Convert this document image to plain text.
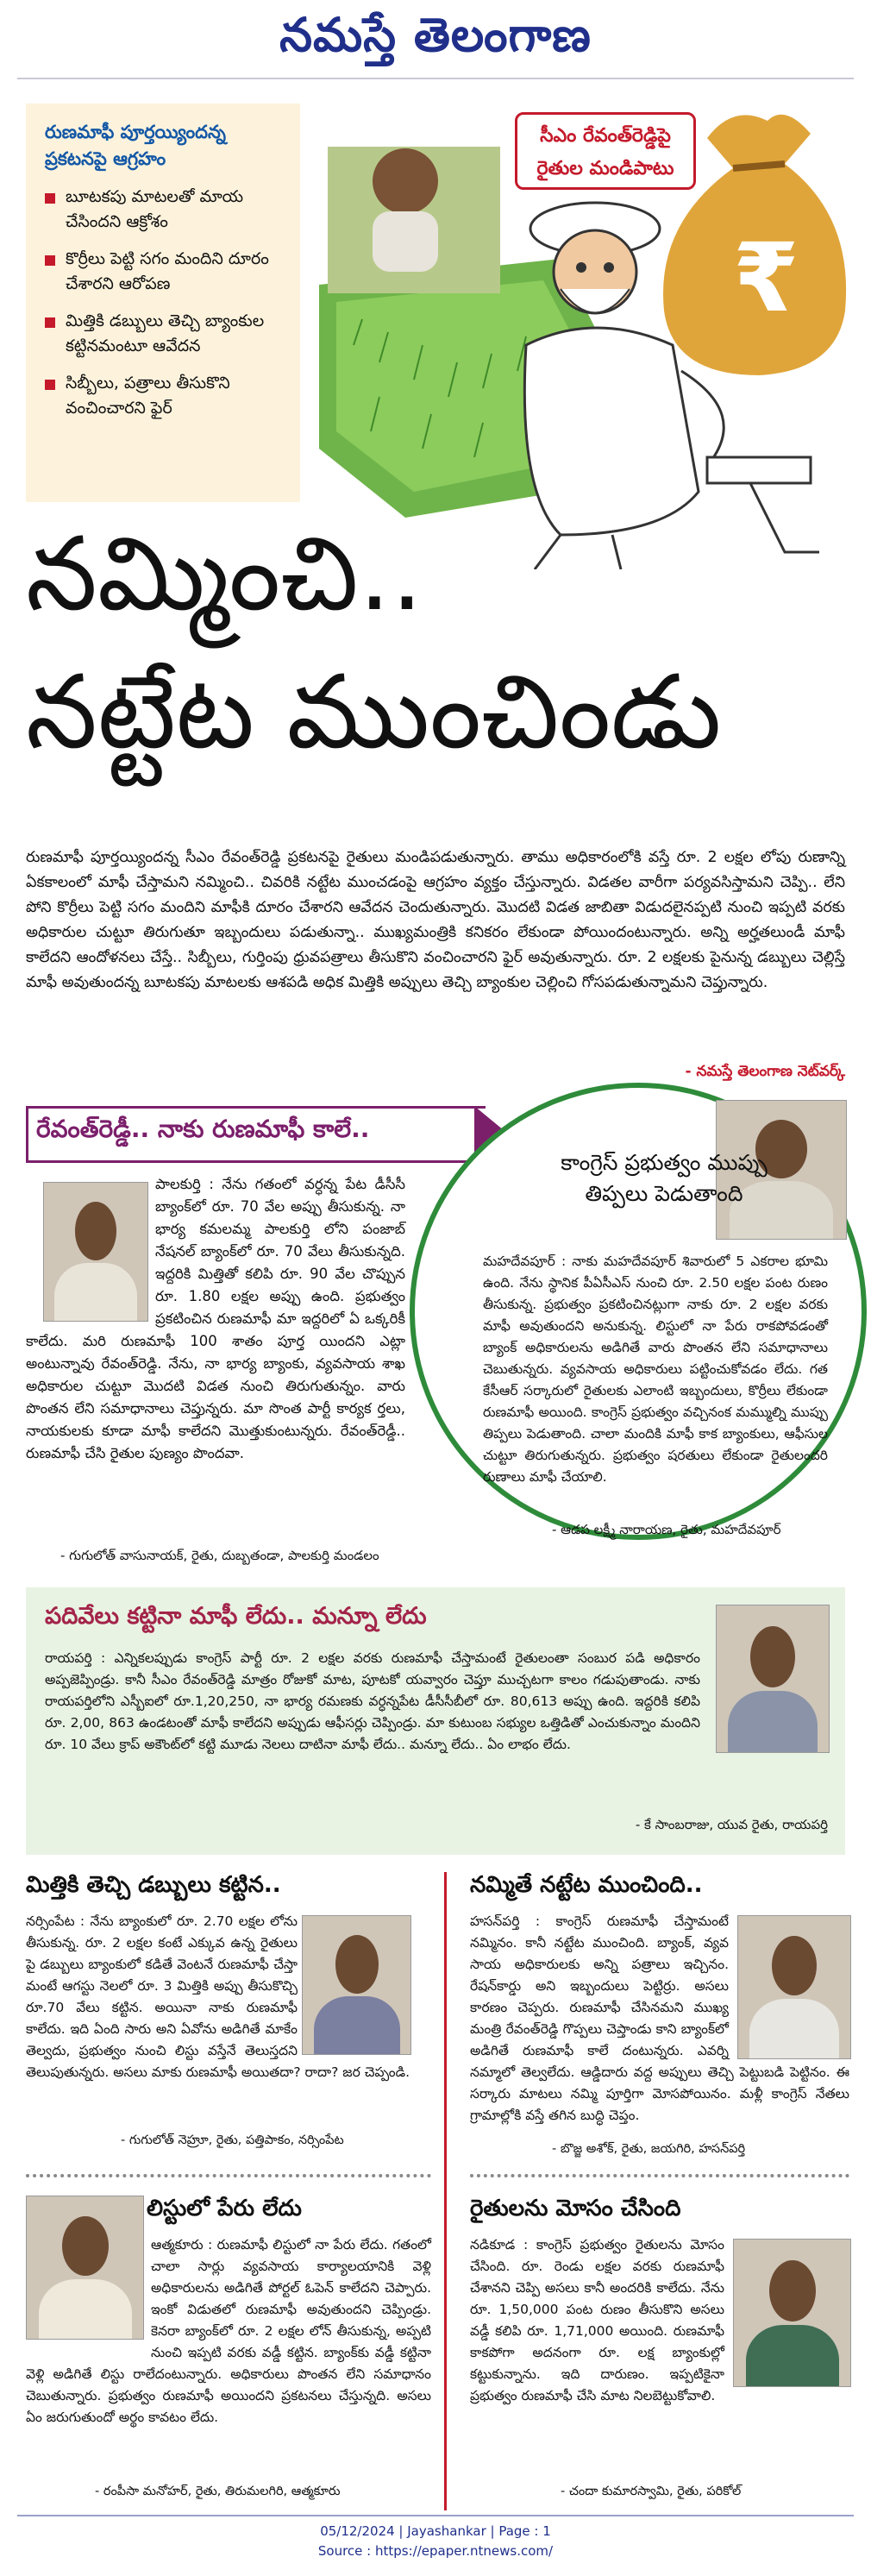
నమస్తే తెలంగాణ
రుణమాఫీ పూర్తయ్యిందన్న ప్రకటనపై ఆగ్రహం
బూటకపు మాటలతో మాయ చేసిందని ఆక్రోశం
కొర్రీలు పెట్టి సగం మందిని దూరం చేశారని ఆరోపణ
మిత్తికి డబ్బులు తెచ్చి బ్యాంకుల కట్టినమంటూ ఆవేదన
సిబ్బీలు, పత్రాలు తీసుకొని వంచించారని ఫైర్
₹
సీఎం రేవంత్‌రెడ్డిపై రైతుల మండిపాటు
నమ్మించి..
నట్టేట ముంచిండు
రుణమాఫీ పూర్తయ్యిందన్న సీఎం రేవంత్‌రెడ్డి ప్రకటనపై రైతులు మండిపడుతున్నారు. తాము అధికారంలోకి వస్తే రూ. 2 లక్షల లోపు రుణాన్ని ఏకకాలంలో మాఫీ చేస్తామని నమ్మించి.. చివరికి నట్టేట ముంచడంపై ఆగ్రహం వ్యక్తం చేస్తున్నారు. విడతల వారీగా పర్యవసిస్తామని చెప్పి.. లేని పోని కొర్రీలు పెట్టి సగం మందిని మాఫీకి దూరం చేశారని ఆవేదన చెందుతున్నారు. మొదటి విడత జాబితా విడుదలైనప్పటి నుంచి ఇప్పటి వరకు అధికారుల చుట్టూ తిరుగుతూ ఇబ్బందులు పడుతున్నా.. ముఖ్యమంత్రికి కనికరం లేకుండా పోయిందంటున్నారు. అన్ని అర్హతలుండీ మాఫీ కాలేదని ఆందోళనలు చేస్తే.. సిబ్బీలు, గుర్తింపు ధ్రువపత్రాలు తీసుకొని వంచించారని ఫైర్ అవుతున్నారు. రూ. 2 లక్షలకు పైనున్న డబ్బులు చెల్లిస్తే మాఫీ అవుతుందన్న బూటకపు మాటలకు ఆశపడి అధిక మిత్తికి అప్పులు తెచ్చి బ్యాంకుల చెల్లించి గోసపడుతున్నామని చెప్తున్నారు.
- నమస్తే తెలంగాణ నెట్‌వర్క్
రేవంత్‌రెడ్డీ.. నాకు రుణమాఫీ కాలే..
పాలకుర్తి : నేను గతంలో వర్ధన్న పేట డీసీసీ బ్యాంక్‌లో రూ. 70 వేల అప్పు తీసుకున్న. నా భార్య కమలమ్మ పాలకుర్తి లోని పంజాబ్ నేషనల్ బ్యాంక్‌లో రూ. 70 వేలు తీసుకున్నది. ఇద్దరికి మిత్తితో కలిపి రూ. 90 వేల చొప్పున రూ. 1.80 లక్షల అప్పు ఉంది. ప్రభుత్వం ప్రకటించిన రుణమాఫీ మా ఇద్దరిలో ఏ ఒక్కరికీ కాలేదు. మరి రుణమాఫీ 100 శాతం పూర్త యిందని ఎట్లా అంటున్నావు రేవంత్‌రెడ్డి. నేను, నా భార్య బ్యాంకు, వ్యవసాయ శాఖ అధికారుల చుట్టూ మొదటి విడత నుంచి తిరుగుతున్నం. వారు పొంతన లేని సమాధానాలు చెప్తున్నరు. మా సొంత పార్టీ కార్యక ర్తలు, నాయకులకు కూడా మాఫీ కాలేదని మొత్తుకుంటున్నరు. రేవంత్‌రెడ్డీ.. రుణమాఫీ చేసి రైతుల పుణ్యం పొందవా.
- గుగులోత్ వాసునాయక్, రైతు, దుబ్బతండా, పాలకుర్తి మండలం
కాంగ్రెస్ ప్రభుత్వం ముప్పు తిప్పలు పెడుతాంది
మహదేవపూర్ : నాకు మహదేవపూర్ శివారులో 5 ఎకరాల భూమి ఉంది. నేను స్థానిక పీఏసీఎస్ నుంచి రూ. 2.50 లక్షల పంట రుణం తీసుకున్న. ప్రభుత్వం ప్రకటించినట్లుగా నాకు రూ. 2 లక్షల వరకు మాఫీ అవుతుందని అనుకున్న. లిస్టులో నా పేరు రాకపోవడంతో బ్యాంక్ అధికారులను అడిగితే వారు పొంతన లేని సమాధానాలు చెబుతున్నరు. వ్యవసాయ అధికారులు పట్టించుకోవడం లేదు. గత కేసీఆర్ సర్కారులో రైతులకు ఎలాంటి ఇబ్బందులు, కొర్రీలు లేకుండా రుణమాఫీ అయింది. కాంగ్రెస్ ప్రభుత్వం వచ్చినంక మమ్ముల్ని ముప్పు తిప్పలు పెడుతాంది. చాలా మందికి మాఫీ కాక బ్యాంకులు, ఆఫీసుల చుట్టూ తిరుగుతున్నరు. ప్రభుత్వం షరతులు లేకుండా రైతులందరి రుణాలు మాఫీ చేయాలి.
- ఆడప లక్ష్మీ నారాయణ, రైతు, మహదేవపూర్
పదివేలు కట్టినా మాఫీ లేదు.. మన్నూ లేదు
రాయపర్తి : ఎన్నికలప్పుడు కాంగ్రెస్ పార్టీ రూ. 2 లక్షల వరకు రుణమాఫీ చేస్తామంటే రైతులంతా సంబుర పడి అధికారం అప్పజెప్పిండ్రు. కానీ సీఎం రేవంత్‌రెడ్డి మాత్రం రోజుకో మాట, పూటకో యవ్వారం చెప్తూ ముచ్చటగా కాలం గడుపుతాండు. నాకు రాయపర్తిలోని ఎస్బీఐలో రూ.1,20,250, నా భార్య రమణకు వర్ధన్నపేట డీసీసీబీలో రూ. 80,613 అప్పు ఉంది. ఇద్దరికి కలిపి రూ. 2,00, 863 ఉండటంతో మాఫీ కాలేదని అప్పుడు ఆఫీసర్లు చెప్పిండ్రు. మా కుటుంబ సభ్యుల ఒత్తిడితో ఎంచుకున్నాం మందిని రూ. 10 వేలు క్రాప్ అకౌంట్‌లో కట్టి మూడు నెలలు దాటినా మాఫీ లేదు.. మన్నూ లేదు.. ఏం లాభం లేదు.
- కే సాంబరాజు, యువ రైతు, రాయపర్తి
మిత్తికి తెచ్చి డబ్బులు కట్టిన..
నర్సింపేట : నేను బ్యాంకులో రూ. 2.70 లక్షల లోను తీసుకున్న. రూ. 2 లక్షల కంటే ఎక్కువ ఉన్న రైతులు పై డబ్బులు బ్యాంకులో కడితే వెంటనే రుణమాఫీ చేస్తా మంటే ఆగస్టు నెలలో రూ. 3 మిత్తికి అప్పు తీసుకొచ్చి రూ.70 వేలు కట్టిన. అయినా నాకు రుణమాఫీ కాలేదు. ఇది ఏంది సారు అని ఏవోను అడిగితే మాకేం తెల్వదు, ప్రభుత్వం నుంచి లిస్టు వస్తేనే తెలుస్తదని తెలుపుతున్నరు. అసలు మాకు రుణమాఫీ అయితదా? రాదా? జర చెప్పండి.
- గుగులోత్ నెహ్రూ, రైతు, పత్తిపాకం, నర్సింపేట
నమ్మితే నట్టేట ముంచింది..
హసన్‌పర్తి : కాంగ్రెస్ రుణమాఫీ చేస్తామంటే నమ్మినం. కానీ నట్టేట ముంచింది. బ్యాంక్, వ్యవ సాయ అధికారులకు అన్ని పత్రాలు ఇచ్చినం. రేషన్‌కార్డు అని ఇబ్బందులు పెట్టిర్రు. అసలు కారణం చెప్పరు. రుణమాఫీ చేసినమని ముఖ్య మంత్రి రేవంత్‌రెడ్డి గొప్పలు చెప్తాండు కాని బ్యాంక్‌లో అడిగితే రుణమాఫీ కాలే దంటున్నరు. ఎవర్ని నమ్మాలో తెల్వలేదు. ఆడ్డిదారు వద్ద అప్పులు తెచ్చి పెట్టుబడి పెట్టినం. ఈ సర్కారు మాటలు నమ్మి పూర్తిగా మోసపోయినం. మళ్లీ కాంగ్రెస్ నేతలు గ్రామాల్లోకి వస్తే తగిన బుద్ధి చెప్తం.
- బొజ్జ అశోక్, రైతు, జయగిరి, హసన్‌పర్తి
లిస్టులో పేరు లేదు
ఆత్మకూరు : రుణమాఫీ లిస్టులో నా పేరు లేదు. గతంలో చాలా సార్లు వ్యవసాయ కార్యాలయానికి వెళ్లి అధికారులను అడిగితే పోర్టల్ ఓపెన్ కాలేదని చెప్పారు. ఇంకో విడుతలో రుణమాఫీ అవుతుందని చెప్పిండ్రు. కెనరా బ్యాంక్‌లో రూ. 2 లక్షల లోన్ తీసుకున్న, అప్పటి నుంచి ఇప్పటి వరకు వడ్డీ కట్టిన. బ్యాంక్‌కు వడ్డీ కట్టినా వెళ్లి అడిగితే లిస్టు రాలేదంటున్నారు. అధికారులు పొంతన లేని సమాధానం చెబుతున్నారు. ప్రభుత్వం రుణమాఫీ అయిందని ప్రకటనలు చేస్తున్నది. అసలు ఏం జరుగుతుందో అర్థం కావటం లేదు.
- రంపీసా మనోహర్, రైతు, తిరుమలగిరి, ఆత్మకూరు
రైతులను మోసం చేసింది
నడికూడ : కాంగ్రెస్ ప్రభుత్వం రైతులను మోసం చేసింది. రూ. రెండు లక్షల వరకు రుణమాఫీ చేశానని చెప్పి అసలు కానీ అందరికి కాలేదు. నేను రూ. 1,50,000 పంట రుణం తీసుకొని అసలు వడ్డీ కలిపి రూ. 1,71,000 అయింది. రుణమాఫీ కాకపోగా అదనంగా రూ. లక్ష బ్యాంకుల్లో కట్టుకున్నాను. ఇది దారుణం. ఇప్పటికైనా ప్రభుత్వం రుణమాఫీ చేసి మాట నిలబెట్టుకోవాలి.
- చందా కుమారస్వామి, రైతు, పరికోల్
05/12/2024 | Jayashankar | Page : 1
Source : https://epaper.ntnews.com/
